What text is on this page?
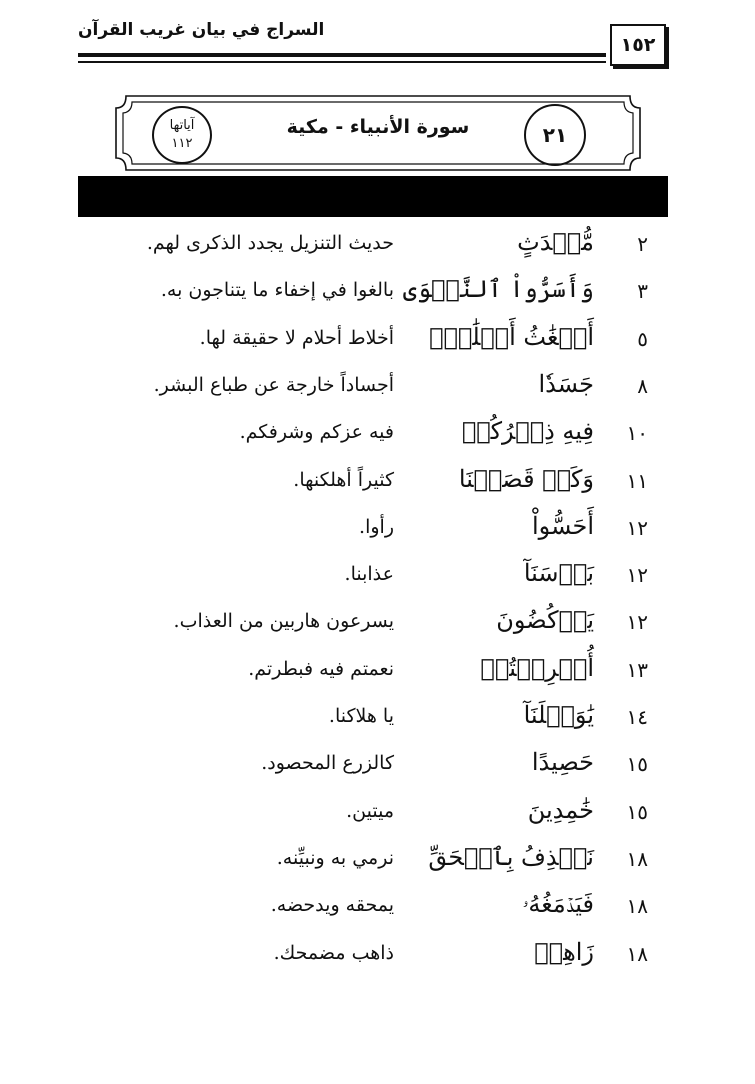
السراج في بيان غريب القرآن
١٥٢
آياتها
١١٢
سورة الأنبياء - مكية	٢١
٢
مُّحۡدَثٍ
حديث التنزيل يجدد الذكرى لهم.
٣
وَأَسَرُّواْ ٱلنَّجۡوَى
بالغوا في إخفاء ما يتناجون به.
٥
أَضۡغَٰثُ أَحۡلَٰمِۭ
أخلاط أحلام لا حقيقة لها.
٨
جَسَدٗا
أجساداً خارجة عن طباع البشر.
١٠
فِيهِ ذِكۡرُكُمۡ
فيه عزكم وشرفكم.
١١
وَكَمۡ قَصَمۡنَا
كثيراً أهلكنها.
١٢
أَحَسُّواْ
رأوا.
١٢
بَأۡسَنَآ
عذابنا.
١٢
يَرۡكُضُونَ
يسرعون هاربين من العذاب.
١٣
أُتۡرِفۡتُمۡ
نعمتم فيه فبطرتم.
١٤
يَٰوَيۡلَنَآ
يا هلاكنا.
١٥
حَصِيدًا
كالزرع المحصود.
١٥
خَٰمِدِينَ
ميتين.
١٨
نَقۡذِفُ بِٱلۡحَقِّ
نرمي به ونبيِّنه.
١٨
فَيَدۡمَغُهُۥ
يمحقه ويدحضه.
١٨
زَاهِقٞ
ذاهب مضمحك.
